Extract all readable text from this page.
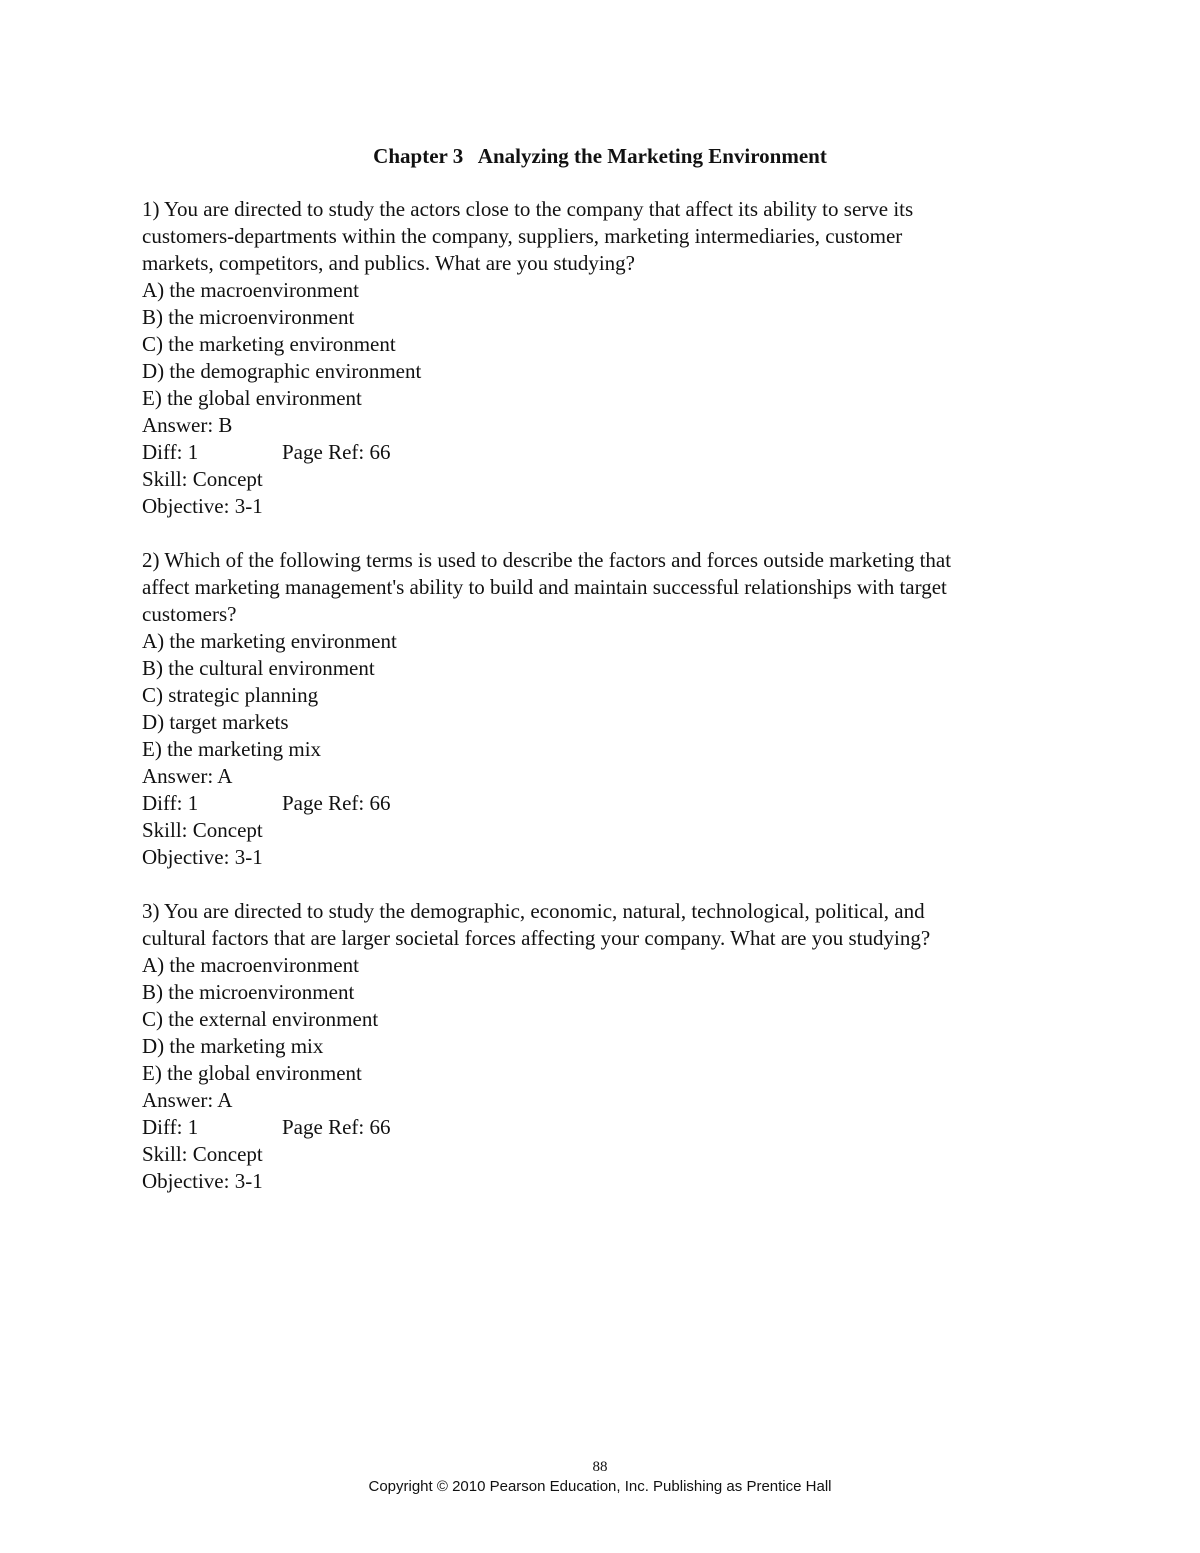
Chapter 3   Analyzing the Marketing Environment
1) You are directed to study the actors close to the company that affect its ability to serve its
customers-departments within the company, suppliers, marketing intermediaries, customer
markets, competitors, and publics. What are you studying?
A) the macroenvironment
B) the microenvironment
C) the marketing environment
D) the demographic environment
E) the global environment
Answer: B
Diff: 1	Page Ref: 66
Skill: Concept
Objective: 3-1
2) Which of the following terms is used to describe the factors and forces outside marketing that
affect marketing management's ability to build and maintain successful relationships with target
customers?
A) the marketing environment
B) the cultural environment
C) strategic planning
D) target markets
E) the marketing mix
Answer: A
Diff: 1	Page Ref: 66
Skill: Concept
Objective: 3-1
3) You are directed to study the demographic, economic, natural, technological, political, and
cultural factors that are larger societal forces affecting your company. What are you studying?
A) the macroenvironment
B) the microenvironment
C) the external environment
D) the marketing mix
E) the global environment
Answer: A
Diff: 1	Page Ref: 66
Skill: Concept
Objective: 3-1
88
Copyright © 2010 Pearson Education, Inc. Publishing as Prentice Hall
